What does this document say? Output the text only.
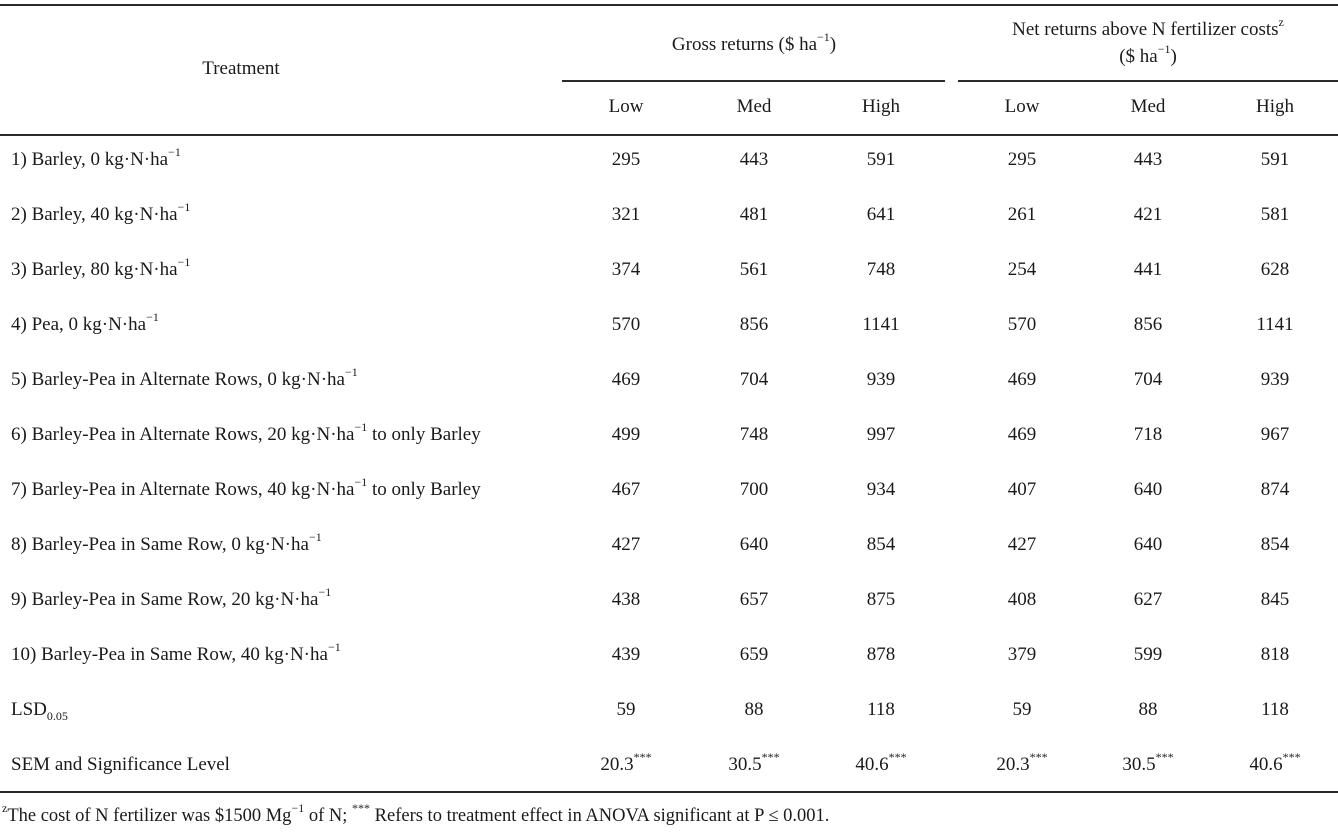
Treatment
Gross returns ($ $ha^{-1}$)
Net returns above N fertilizer costs$^z$
($ $ha^{-1}$)
Low	Med	High	Low	Med	High
1) Barley, 0 $kg\cdot N\cdot ha^{-1}$	295	443	591	295	443	591
2) Barley, 40 $kg\cdot N\cdot ha^{-1}$	321	481	641	261	421	581
3) Barley, 80 $kg\cdot N\cdot ha^{-1}$	374	561	748	254	441	628
4) Pea, 0 $kg\cdot N\cdot ha^{-1}$	570	856	1141	570	856	1141
5) Barley-Pea in Alternate Rows, 0 $kg\cdot N\cdot ha^{-1}$	469	704	939	469	704	939
6) Barley-Pea in Alternate Rows, 20 $kg\cdot N\cdot ha^{-1}$ to only Barley	499	748	997	469	718	967
7) Barley-Pea in Alternate Rows, 40 $kg\cdot N\cdot ha^{-1}$ to only Barley	467	700	934	407	640	874
8) Barley-Pea in Same Row, 0 $kg\cdot N\cdot ha^{-1}$	427	640	854	427	640	854
9) Barley-Pea in Same Row, 20 $kg\cdot N\cdot ha^{-1}$	438	657	875	408	627	845
10) Barley-Pea in Same Row, 40 $kg\cdot N\cdot ha^{-1}$	439	659	878	379	599	818
$LSD_{0.05}$	59	88	118	59	88	118
SEM and Significance Level	20.3***	30.5***	40.6***	20.3***	30.5***	40.6***
$^z$The cost of N fertilizer was $1500 $Mg^{-1}$ of N; *** Refers to treatment effect in ANOVA significant at P ≤ 0.001.
